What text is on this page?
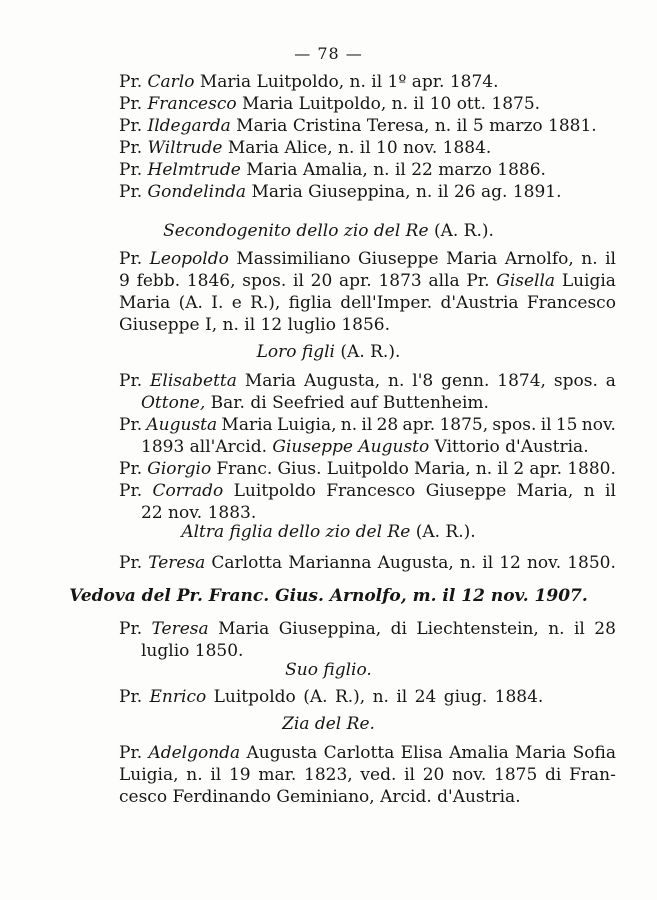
— 78 —
Pr. Carlo Maria Luitpoldo, n. il 1º apr. 1874.
Pr. Francesco Maria Luitpoldo, n. il 10 ott. 1875.
Pr. Ildegarda Maria Cristina Teresa, n. il 5 marzo 1881.
Pr. Wiltrude Maria Alice, n. il 10 nov. 1884.
Pr. Helmtrude Maria Amalia, n. il 22 marzo 1886.
Pr. Gondelinda Maria Giuseppina, n. il 26 ag. 1891.
Secondogenito dello zio del Re (A. R.).
Pr. Leopoldo Massimiliano Giuseppe Maria Arnolfo, n. il
9 febb. 1846, spos. il 20 apr. 1873 alla Pr. Gisella Luigia
Maria (A. I. e R.), figlia dell'Imper. d'Austria Francesco
Giuseppe I, n. il 12 luglio 1856.
Loro figli (A. R.).
Pr. Elisabetta Maria Augusta, n. l'8 genn. 1874, spos. a
Ottone, Bar. di Seefried auf Buttenheim.
Pr. Augusta Maria Luigia, n. il 28 apr. 1875, spos. il 15 nov.
1893 all'Arcid. Giuseppe Augusto Vittorio d'Austria.
Pr. Giorgio Franc. Gius. Luitpoldo Maria, n. il 2 apr. 1880.
Pr. Corrado Luitpoldo Francesco Giuseppe Maria, n il
22 nov. 1883.
Altra figlia dello zio del Re (A. R.).
Pr. Teresa Carlotta Marianna Augusta, n. il 12 nov. 1850.
Vedova del Pr. Franc. Gius. Arnolfo, m. il 12 nov. 1907.
Pr. Teresa Maria Giuseppina, di Liechtenstein, n. il 28
luglio 1850.
Suo figlio.
Pr. Enrico Luitpoldo (A. R.), n. il 24 giug. 1884.
Zia del Re.
Pr. Adelgonda Augusta Carlotta Elisa Amalia Maria Sofia
Luigia, n. il 19 mar. 1823, ved. il 20 nov. 1875 di Fran-
cesco Ferdinando Geminiano, Arcid. d'Austria.
